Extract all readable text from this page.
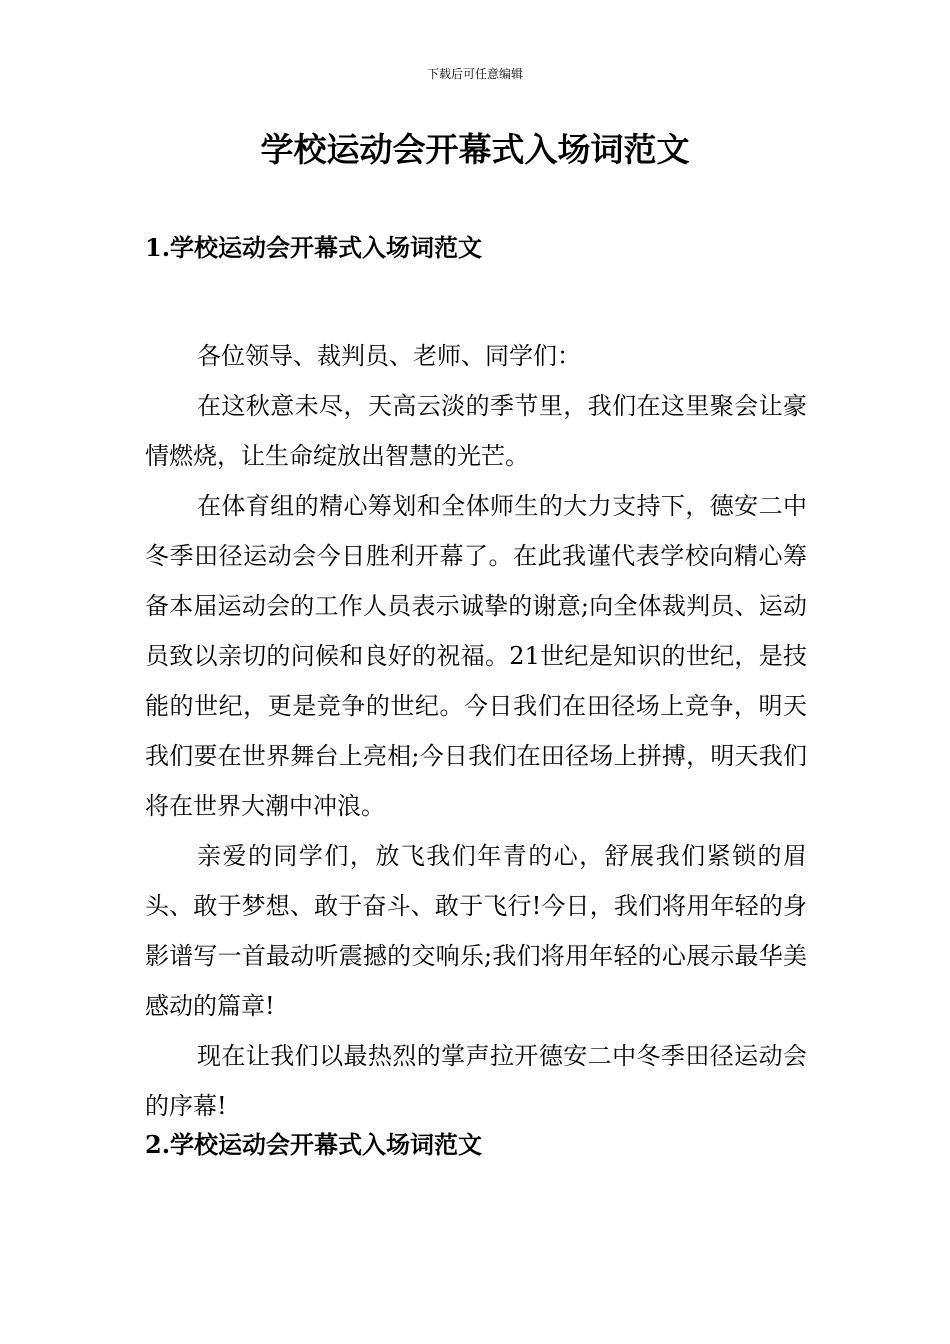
下载后可任意编辑
学校运动会开幕式入场词范文
1.学校运动会开幕式入场词范文

各位领导、裁判员、老师、同学们：

在这秋意未尽，天高云淡的季节里，我们在这里聚会让豪情燃烧，让生命绽放出智慧的光芒。

在体育组的精心筹划和全体师生的大力支持下，德安二中冬季田径运动会今日胜利开幕了。在此我谨代表学校向精心筹备本届运动会的工作人员表示诚挚的谢意;向全体裁判员、运动员致以亲切的问候和良好的祝福。21世纪是知识的世纪，是技能的世纪，更是竞争的世纪。今日我们在田径场上竞争，明天我们要在世界舞台上亮相;今日我们在田径场上拼搏，明天我们将在世界大潮中冲浪。

亲爱的同学们，放飞我们年青的心，舒展我们紧锁的眉头、敢于梦想、敢于奋斗、敢于飞行!今日，我们将用年轻的身影谱写一首最动听震撼的交响乐;我们将用年轻的心展示最华美感动的篇章!

现在让我们以最热烈的掌声拉开德安二中冬季田径运动会的序幕!

2.学校运动会开幕式入场词范文
